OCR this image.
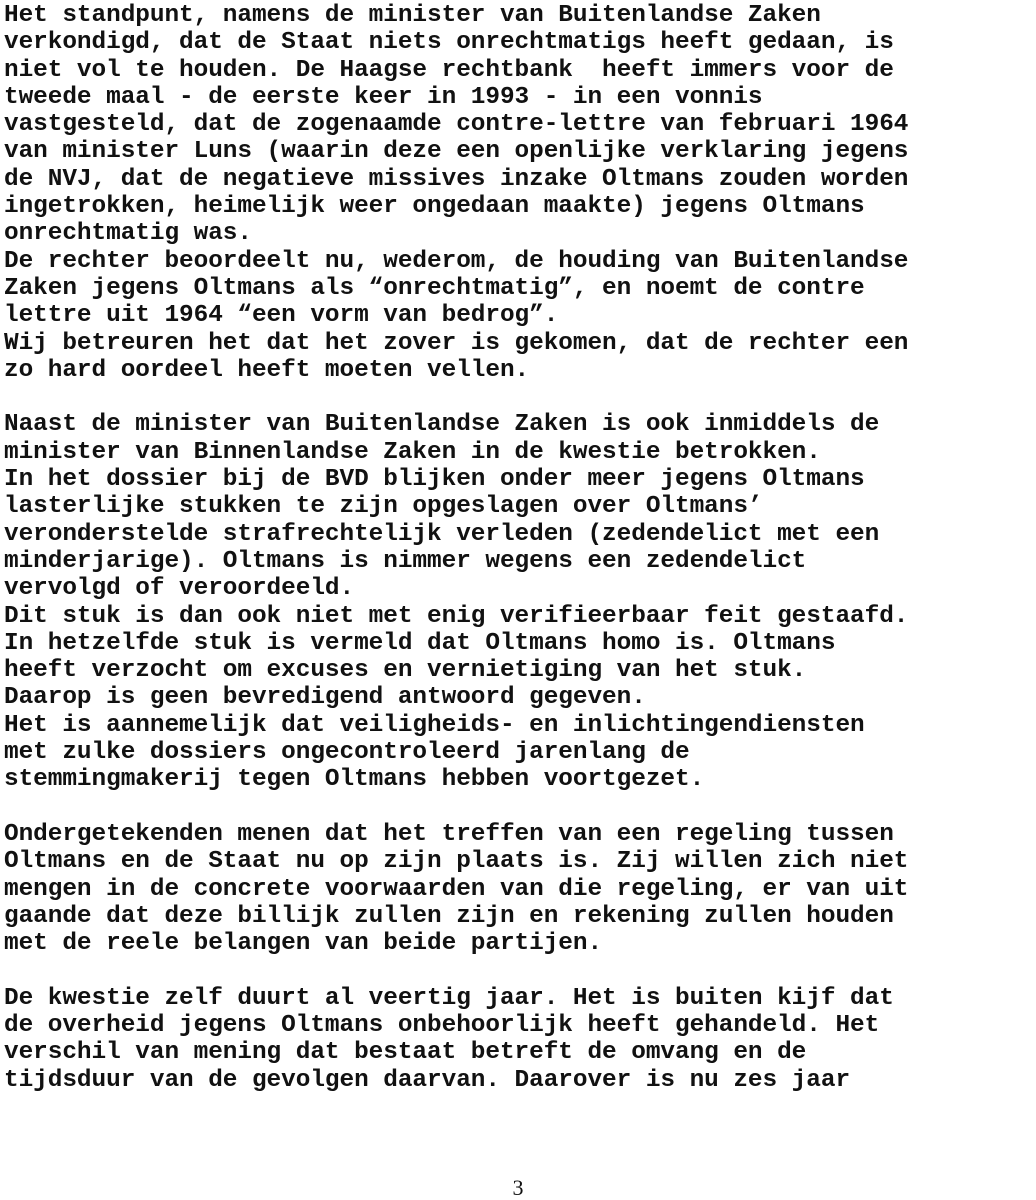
Het standpunt, namens de minister van Buitenlandse Zaken
verkondigd, dat de Staat niets onrechtmatigs heeft gedaan, is
niet vol te houden. De Haagse rechtbank  heeft immers voor de
tweede maal - de eerste keer in 1993 - in een vonnis
vastgesteld, dat de zogenaamde contre-lettre van februari 1964
van minister Luns (waarin deze een openlijke verklaring jegens
de NVJ, dat de negatieve missives inzake Oltmans zouden worden
ingetrokken, heimelijk weer ongedaan maakte) jegens Oltmans
onrechtmatig was.
De rechter beoordeelt nu, wederom, de houding van Buitenlandse
Zaken jegens Oltmans als “onrechtmatig”, en noemt de contre
lettre uit 1964 “een vorm van bedrog”.
Wij betreuren het dat het zover is gekomen, dat de rechter een
zo hard oordeel heeft moeten vellen.
Naast de minister van Buitenlandse Zaken is ook inmiddels de
minister van Binnenlandse Zaken in de kwestie betrokken.
In het dossier bij de BVD blijken onder meer jegens Oltmans
lasterlijke stukken te zijn opgeslagen over Oltmans’
veronderstelde strafrechtelijk verleden (zedendelict met een
minderjarige). Oltmans is nimmer wegens een zedendelict
vervolgd of veroordeeld.
Dit stuk is dan ook niet met enig verifieerbaar feit gestaafd.
In hetzelfde stuk is vermeld dat Oltmans homo is. Oltmans
heeft verzocht om excuses en vernietiging van het stuk.
Daarop is geen bevredigend antwoord gegeven.
Het is aannemelijk dat veiligheids- en inlichtingendiensten
met zulke dossiers ongecontroleerd jarenlang de
stemmingmakerij tegen Oltmans hebben voortgezet.
Ondergetekenden menen dat het treffen van een regeling tussen
Oltmans en de Staat nu op zijn plaats is. Zij willen zich niet
mengen in de concrete voorwaarden van die regeling, er van uit
gaande dat deze billijk zullen zijn en rekening zullen houden
met de reele belangen van beide partijen.
De kwestie zelf duurt al veertig jaar. Het is buiten kijf dat
de overheid jegens Oltmans onbehoorlijk heeft gehandeld. Het
verschil van mening dat bestaat betreft de omvang en de
tijdsduur van de gevolgen daarvan. Daarover is nu zes jaar
3
